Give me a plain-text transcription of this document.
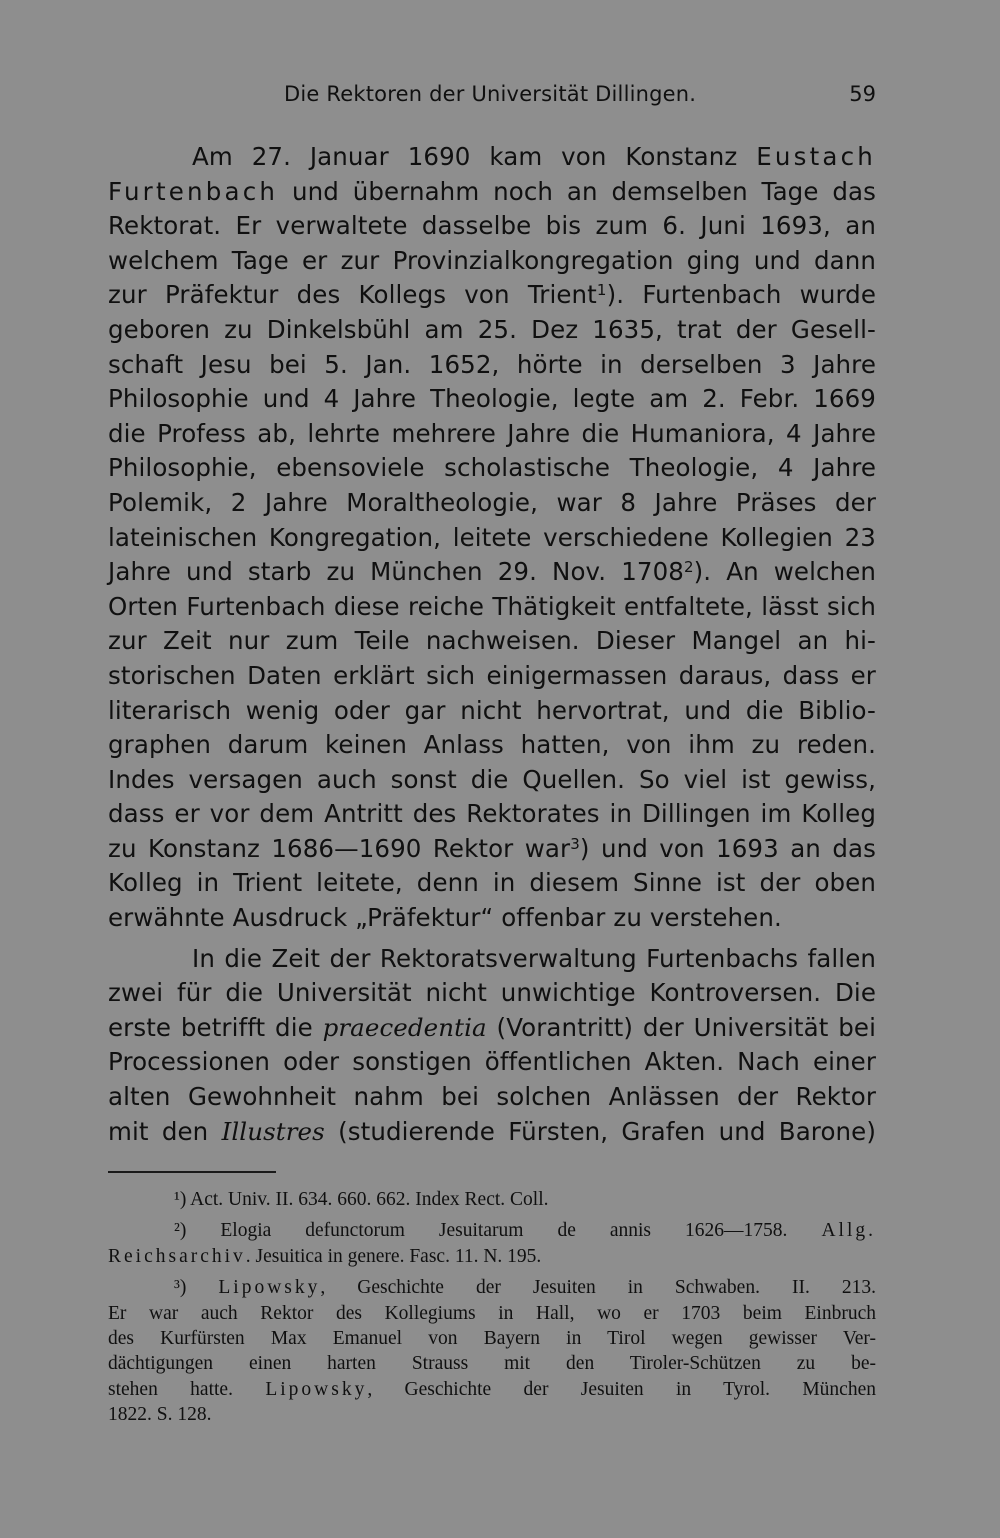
Die Rektoren der Universität Dillingen.	59
Am 27. Januar 1690 kam von Konstanz Eustach
Furtenbach und übernahm noch an demselben Tage das
Rektorat. Er verwaltete dasselbe bis zum 6. Juni 1693, an
welchem Tage er zur Provinzialkongregation ging und dann
zur Präfektur des Kollegs von Trient$^1$). Furtenbach wurde
geboren zu Dinkelsbühl am 25. Dez 1635, trat der Gesell-
schaft Jesu bei 5. Jan. 1652, hörte in derselben 3 Jahre
Philosophie und 4 Jahre Theologie, legte am 2. Febr. 1669
die Profess ab, lehrte mehrere Jahre die Humaniora, 4 Jahre
Philosophie, ebensoviele scholastische Theologie, 4 Jahre
Polemik, 2 Jahre Moraltheologie, war 8 Jahre Präses der
lateinischen Kongregation, leitete verschiedene Kollegien 23
Jahre und starb zu München 29. Nov. 1708$^2$). An welchen
Orten Furtenbach diese reiche Thätigkeit entfaltete, lässt sich
zur Zeit nur zum Teile nachweisen. Dieser Mangel an hi-
storischen Daten erklärt sich einigermassen daraus, dass er
literarisch wenig oder gar nicht hervortrat, und die Biblio-
graphen darum keinen Anlass hatten, von ihm zu reden.
Indes versagen auch sonst die Quellen. So viel ist gewiss,
dass er vor dem Antritt des Rektorates in Dillingen im Kolleg
zu Konstanz 1686—1690 Rektor war$^3$) und von 1693 an das
Kolleg in Trient leitete, denn in diesem Sinne ist der oben
erwähnte Ausdruck „Präfektur“ offenbar zu verstehen.
In die Zeit der Rektoratsverwaltung Furtenbachs fallen
zwei für die Universität nicht unwichtige Kontroversen. Die
erste betrifft die praecedentia (Vorantritt) der Universität bei
Processionen oder sonstigen öffentlichen Akten. Nach einer
alten Gewohnheit nahm bei solchen Anlässen der Rektor
mit den Illustres (studierende Fürsten, Grafen und Barone)
¹) Act. Univ. II. 634. 660. 662. Index Rect. Coll.
²) Elogia defunctorum Jesuitarum de annis 1626—1758. Allg.
Reichsarchiv. Jesuitica in genere. Fasc. 11. N. 195.
³) Lipowsky, Geschichte der Jesuiten in Schwaben. II. 213.
Er war auch Rektor des Kollegiums in Hall, wo er 1703 beim Einbruch
des Kurfürsten Max Emanuel von Bayern in Tirol wegen gewisser Ver-
dächtigungen einen harten Strauss mit den Tiroler-Schützen zu be-
stehen hatte. Lipowsky, Geschichte der Jesuiten in Tyrol. München
1822. S. 128.
